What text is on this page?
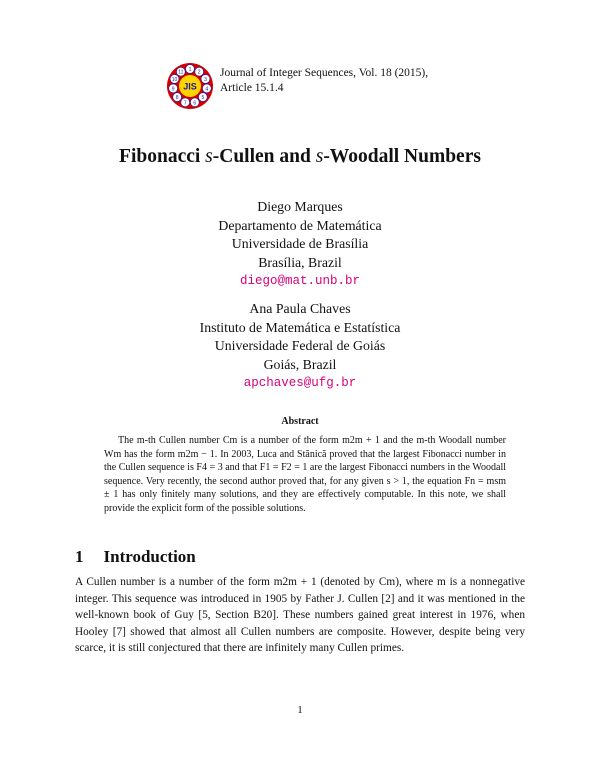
1 2
3
4
5
6
7
8
9
10
11
JIS
Journal of Integer Sequences, Vol. 18 (2015),
Article 15.1.4
Fibonacci s-Cullen and s-Woodall Numbers
Diego Marques
Departamento de Matemática
Universidade de Brasília
Brasília, Brazil
diego@mat.unb.br
Ana Paula Chaves
Instituto de Matemática e Estatística
Universidade Federal de Goiás
Goiás, Brazil
apchaves@ufg.br
Abstract
The m-th Cullen number Cm is a number of the form m2m + 1 and the m-th Woodall number Wm has the form m2m − 1. In 2003, Luca and Stănică proved that the largest Fibonacci number in the Cullen sequence is F4 = 3 and that F1 = F2 = 1 are the largest Fibonacci numbers in the Woodall sequence. Very recently, the second author proved that, for any given s > 1, the equation Fn = msm ± 1 has only finitely many solutions, and they are effectively computable. In this note, we shall provide the explicit form of the possible solutions.
1 Introduction
A Cullen number is a number of the form m2m + 1 (denoted by Cm), where m is a nonnegative integer. This sequence was introduced in 1905 by Father J. Cullen [2] and it was mentioned in the well-known book of Guy [5, Section B20]. These numbers gained great interest in 1976, when Hooley [7] showed that almost all Cullen numbers are composite. However, despite being very scarce, it is still conjectured that there are infinitely many Cullen primes.
1
